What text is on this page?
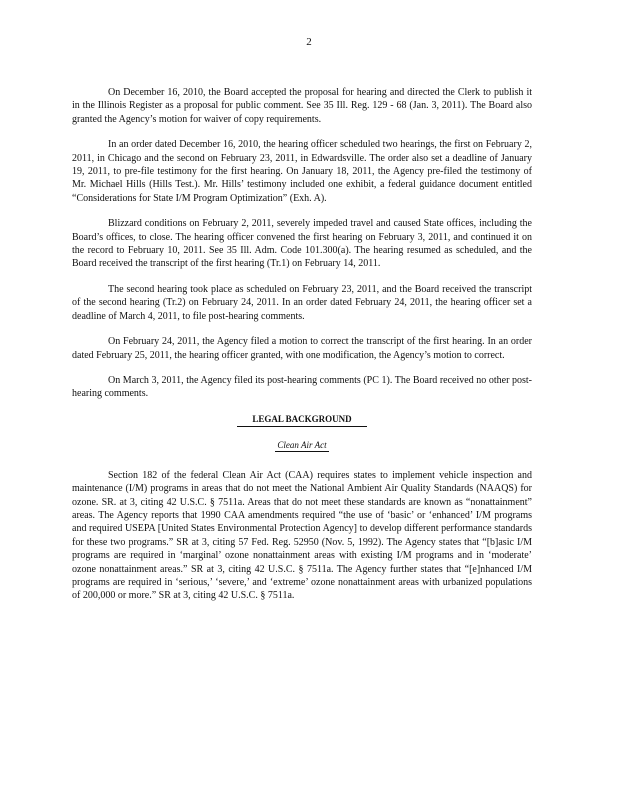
2

On December 16, 2010, the Board accepted the proposal for hearing and directed the Clerk to publish it in the Illinois Register as a proposal for public comment. See 35 Ill. Reg. 129 - 68 (Jan. 3, 2011). The Board also granted the Agency’s motion for waiver of copy requirements.

In an order dated December 16, 2010, the hearing officer scheduled two hearings, the first on February 2, 2011, in Chicago and the second on February 23, 2011, in Edwardsville. The order also set a deadline of January 19, 2011, to pre-file testimony for the first hearing. On January 18, 2011, the Agency pre-filed the testimony of Mr. Michael Hills (Hills Test.). Mr. Hills’ testimony included one exhibit, a federal guidance document entitled “Considerations for State I/M Program Optimization” (Exh. A).

Blizzard conditions on February 2, 2011, severely impeded travel and caused State offices, including the Board’s offices, to close. The hearing officer convened the first hearing on February 3, 2011, and continued it on the record to February 10, 2011. See 35 Ill. Adm. Code 101.300(a). The hearing resumed as scheduled, and the Board received the transcript of the first hearing (Tr.1) on February 14, 2011.

The second hearing took place as scheduled on February 23, 2011, and the Board received the transcript of the second hearing (Tr.2) on February 24, 2011. In an order dated February 24, 2011, the hearing officer set a deadline of March 4, 2011, to file post-hearing comments.

On February 24, 2011, the Agency filed a motion to correct the transcript of the first hearing. In an order dated February 25, 2011, the hearing officer granted, with one modification, the Agency’s motion to correct.

On March 3, 2011, the Agency filed its post-hearing comments (PC 1). The Board received no other post-hearing comments.

LEGAL BACKGROUND

Clean Air Act

Section 182 of the federal Clean Air Act (CAA) requires states to implement vehicle inspection and maintenance (I/M) programs in areas that do not meet the National Ambient Air Quality Standards (NAAQS) for ozone. SR. at 3, citing 42 U.S.C. § 7511a. Areas that do not meet these standards are known as “nonattainment” areas. The Agency reports that 1990 CAA amendments required “the use of ‘basic’ or ‘enhanced’ I/M programs and required USEPA [United States Environmental Protection Agency] to develop different performance standards for these two programs.” SR at 3, citing 57 Fed. Reg. 52950 (Nov. 5, 1992). The Agency states that “[b]asic I/M programs are required in ‘marginal’ ozone nonattainment areas with existing I/M programs and in ‘moderate’ ozone nonattainment areas.” SR at 3, citing 42 U.S.C. § 7511a. The Agency further states that “[e]nhanced I/M programs are required in ‘serious,’ ‘severe,’ and ‘extreme’ ozone nonattainment areas with urbanized populations of 200,000 or more.” SR at 3, citing 42 U.S.C. § 7511a.
